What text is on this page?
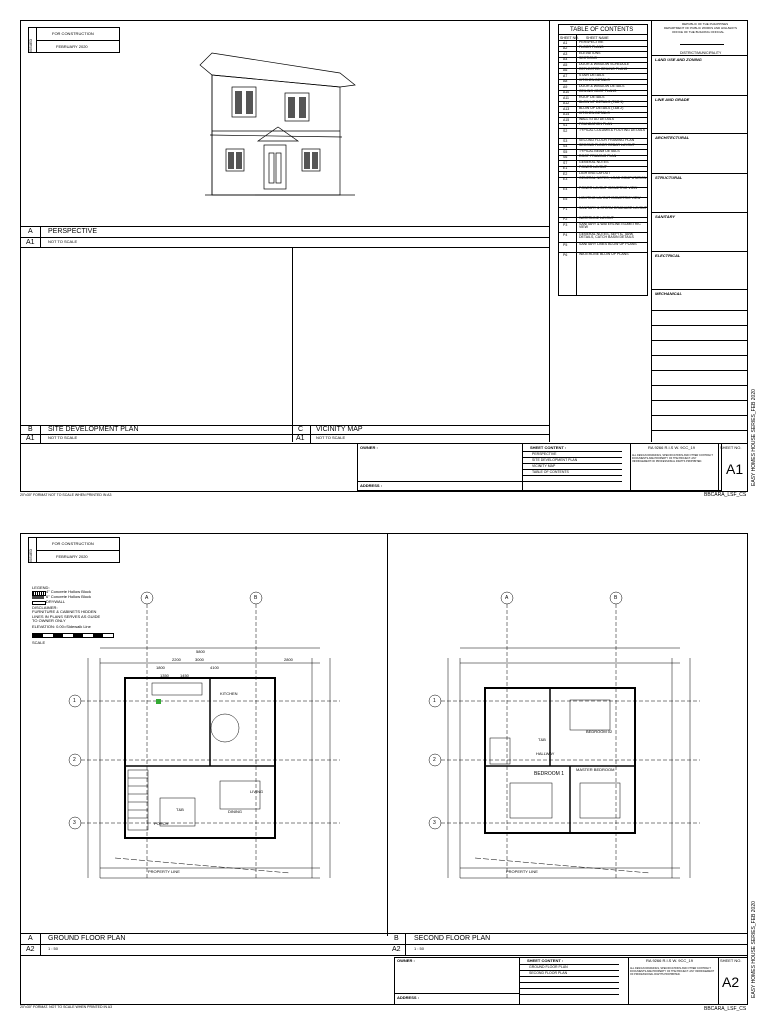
ISSUED
FOR CONSTRUCTION
FEBRUARY 2020
A PERSPECTIVE
A1	NOT TO SCALE
B SITE DEVELOPMENT PLAN
A1	NOT TO SCALE
C VICINITY MAP
A1	NOT TO SCALE
20"x30" FORMAT NOT TO SCALE WHEN PRINTED IN A3
TABLE OF CONTENTS
SHEET NO. SHEET NAME
A1	PERSPECTIVE
A2	FLOOR PLANS
A3	ELEVATIONS
A4	SECTIONS
A5	DOOR & WINDOW SCHEDULE
A6	REFLECTED CEILING PLANS
A7	STAIR DETAILS
A8	KITCHEN DETAILS
A9	DOOR & WINDOW DETAILS
A10	CEILING JOIST PLANS
A11	ROOF DETAILS
A12	BLOW UP DETAILS (T&B 1)
A13	BLOW UP DETAILS (T&B 2)
A14	KITCHEN DETAILS
A15	WALL STUD DETAILS
S1	FOUNDATION PLAN
S2	TYPICAL COLUMN & FOOTING DETAILS
S3	SECOND FLOOR FRAMING PLAN
S4	SECOND FLOOR REBAR LAYOUT
S5	TYPICAL BEAM DETAILS
S6	ROOF FRAMING PLAN
S7	GENERAL NOTES
E1	POWER LAYOUT
E2	LIGHTING LAYOUT
E3	GENERAL NOTES, LOAD COMPUTATION
E4	POWER LAYOUT ISOMETRIC VIEW
E5	LIGHTING LAYOUT ISOMETRIC VIEW
P1	SANITARY & STORM DRAINAGE LAYOUT
P2	WATERLINE LAYOUT
P3	SANITARY & WATERLINE ISOMETRIC VIEW
P4	GENERAL NOTES, SEPTIC TANK DETAILS, CATCH BASIN DETAILS
P5	SANITARY LINES BLOW UP PLANS
P6	WATERLINE BLOW UP PLANS
REPUBLIC OF THE PHILIPPINES
DEPARTMENT OF PUBLIC WORKS AND HIGHWAYS
OFFICE OF THE BUILDING OFFICIAL
DISTRICT/MUNICIPALITY
LAND USE AND ZONING
LINE AND GRADE
ARCHITECTURAL
STRUCTURAL
SANITARY
ELECTRICAL
MECHANICAL
EASY HOMES HOUSE SERIES_FEB 2020
OWNER :
ADDRESS :
SHEET CONTENT :
PERSPECTIVE
SITE DEVELOPMENT PLAN
VICINITY MAP
TABLE OF CONTENTS
RA 9266 R.I.S W. 9CC_19
ALL DESIGN DRAWINGS, SPECIFICATIONS AND OTHER CONTRACT DOCUMENTS ARE PROPERTY OF THE PROJECT. ANY INFRINGEMENT OF PROFESSIONAL RIGHTS PROHIBITED.
SHEET NO.
A1
BBCARA_LSF_CS
ISSUED
FOR CONSTRUCTION
FEBRUARY 2020
LEGEND:
4" Concrete Hollow Block
6" Concrete Hollow Block
DRYWALL
DISCLAIMER:
FURNITURE & CABINETS HIDDEN
LINES IN PLANS SERVES AS GUIDE
TO OWNER ONLY
ELEVATION: 0.00=Sidewalk Line
SCALE
KITCHEN
LIVING
DINING
T&B
PORCH
A	B
1
2
3
5800
1800	4100
3000	2800
2200
1350	1450
PROPERTY LINE
BEDROOM 1
BEDROOM 02
MASTER BEDROOM
T&B
HALLWAY
A	B
1
2
3
PROPERTY LINE
A GROUND FLOOR PLAN
A2	1 : 50
B SECOND FLOOR PLAN
A2	1 : 50
20"x30" FORMAT. NOT TO SCALE WHEN PRINTED IN A3
EASY HOMES HOUSE SERIES_FEB 2020
OWNER :
ADDRESS :
SHEET CONTENT :
GROUND FLOOR PLAN
SECOND FLOOR PLAN
RA 9266 R.I.S W. 9CC_19
ALL DESIGN DRAWINGS, SPECIFICATIONS AND OTHER CONTRACT DOCUMENTS ARE PROPERTY OF THE PROJECT. ANY INFRINGEMENT OF PROFESSIONAL RIGHTS PROHIBITED.
SHEET NO.
A2
BBCARA_LSF_CS
